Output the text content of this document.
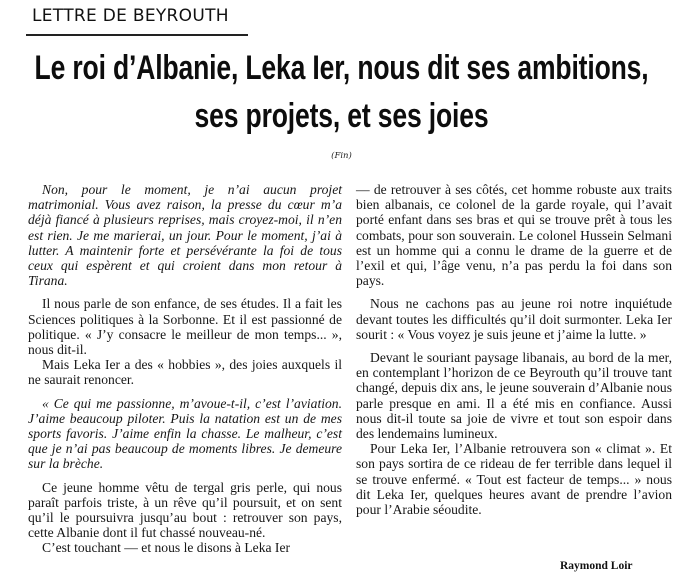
LETTRE DE BEYROUTH
Le roi d’Albanie, Leka Ier, nous dit ses ambitions,
ses projets, et ses joies
(Fin)

Non, pour le moment, je n’ai aucun projet matrimonial. Vous avez raison, la presse du cœur m’a déjà fiancé à plusieurs reprises, mais croyez-moi, il n’en est rien. Je me marierai, un jour. Pour le moment, j’ai à lutter. A maintenir forte et persévérante la foi de tous ceux qui espèrent et qui croient dans mon retour à Tirana.

Il nous parle de son enfance, de ses études. Il a fait les Sciences politiques à la Sorbonne. Et il est passionné de politique. « J’y consacre le meilleur de mon temps... », nous dit-il.

Mais Leka Ier a des « hobbies », des joies auxquels il ne saurait renoncer.

« Ce qui me passionne, m’avoue-t-il, c’est l’aviation. J’aime beaucoup piloter. Puis la natation est un de mes sports favoris. J’aime enfin la chasse. Le malheur, c’est que je n’ai pas beaucoup de moments libres. Je demeure sur la brèche.

Ce jeune homme vêtu de tergal gris perle, qui nous paraît parfois triste, à un rêve qu’il poursuit, et on sent qu’il le poursuivra jusqu’au bout : retrouver son pays, cette Albanie dont il fut chassé nouveau-né.

C’est touchant — et nous le disons à Leka Ier

— de retrouver à ses côtés, cet homme robuste aux traits bien albanais, ce colonel de la garde royale, qui l’avait porté enfant dans ses bras et qui se trouve prêt à tous les combats, pour son souverain. Le colonel Hussein Selmani est un homme qui a connu le drame de la guerre et de l’exil et qui, l’âge venu, n’a pas perdu la foi dans son pays.

Nous ne cachons pas au jeune roi notre inquiétude devant toutes les difficultés qu’il doit surmonter. Leka Ier sourit : « Vous voyez je suis jeune et j’aime la lutte. »

Devant le souriant paysage libanais, au bord de la mer, en contemplant l’horizon de ce Beyrouth qu’il trouve tant changé, depuis dix ans, le jeune souverain d’Albanie nous parle presque en ami. Il a été mis en confiance. Aussi nous dit-il toute sa joie de vivre et tout son espoir dans des lendemains lumineux.

Pour Leka Ier, l’Albanie retrouvera son « climat ». Et son pays sortira de ce rideau de fer terrible dans lequel il se trouve enfermé. « Tout est facteur de temps... » nous dit Leka Ier, quelques heures avant de prendre l’avion pour l’Arabie séoudite.

Raymond Loir
